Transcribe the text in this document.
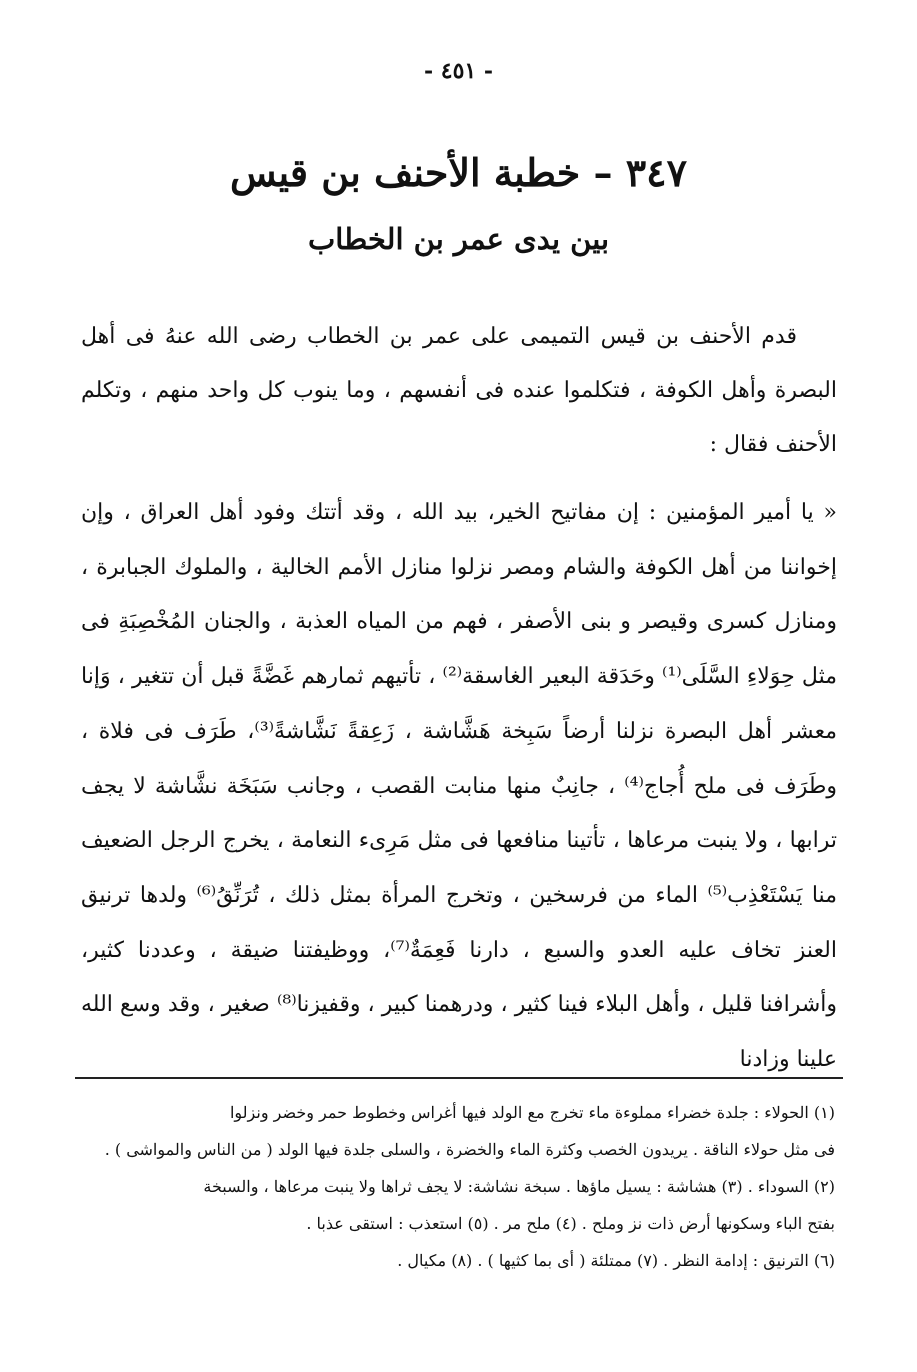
- ٤٥١ -
٣٤٧ – خطبة الأحنف بن قيس
بين يدى عمر بن الخطاب
قدم الأحنف بن قيس التميمى على عمر بن الخطاب رضى الله عنهُ فى أهل البصرة وأهل الكوفة ، فتكلموا عنده فى أنفسهم ، وما ينوب كل واحد منهم ، وتكلم الأحنف فقال :
« يا أمير المؤمنين : إن مفاتيح الخير، بيد الله ، وقد أتتك وفود أهل العراق ، وإن إخواننا من أهل الكوفة والشام ومصر نزلوا منازل الأمم الخالية ، والملوك الجبابرة ، ومنازل كسرى وقيصر و بنى الأصفر ، فهم من المياه العذبة ، والجنان المُخْصِبَةِ فى مثل حِوَلاءِ السَّلَى⁽¹⁾ وحَدَقة البعير الغاسقة⁽²⁾ ، تأتيهم ثمارهم غَضَّةً قبل أن تتغير ، وَإنا معشر أهل البصرة نزلنا أرضاً سَبِخة هَشَّاشة ، زَعِقةً نَشَّاشةً⁽³⁾، طَرَف فى فلاة ، وطَرَف فى ملح أُجاج⁽⁴⁾ ، جانِبٌ منها منابت القصب ، وجانب سَبَخَة نشَّاشة لا يجف ترابها ، ولا ينبت مرعاها ، تأتينا منافعها فى مثل مَرِىء النعامة ، يخرج الرجل الضعيف منا يَسْتَعْذِب⁽⁵⁾ الماء من فرسخين ، وتخرج المرأة بمثل ذلك ، تُرَنِّقُ⁽⁶⁾ ولدها ترنيق العنز تخاف عليه العدو والسبع ، دارنا فَعِمَةٌ⁽⁷⁾، ووظيفتنا ضيقة ، وعددنا كثير، وأشرافنا قليل ، وأهل البلاء فينا كثير ، ودرهمنا كبير ، وقفيزنا⁽⁸⁾ صغير ، وقد وسع الله علينا وزادنا
(١) الحولاء : جلدة خضراء مملوءة ماء تخرج مع الولد فيها أغراس وخطوط حمر وخضر ونزلوا
فى مثل حولاء الناقة . يريدون الخصب وكثرة الماء والخضرة ، والسلى جلدة فيها الولد ( من الناس والمواشى ) .
(٢) السوداء . (٣) هشاشة : يسيل ماؤها . سبخة نشاشة: لا يجف ثراها ولا ينبت مرعاها ، والسبخة
بفتح الباء وسكونها أرض ذات نز وملح . (٤) ملح مر . (٥) استعذب : استقى عذبا .
(٦) الترنيق : إدامة النظر . (٧) ممتلئة ( أى بما كثيها ) . (٨) مكيال .
